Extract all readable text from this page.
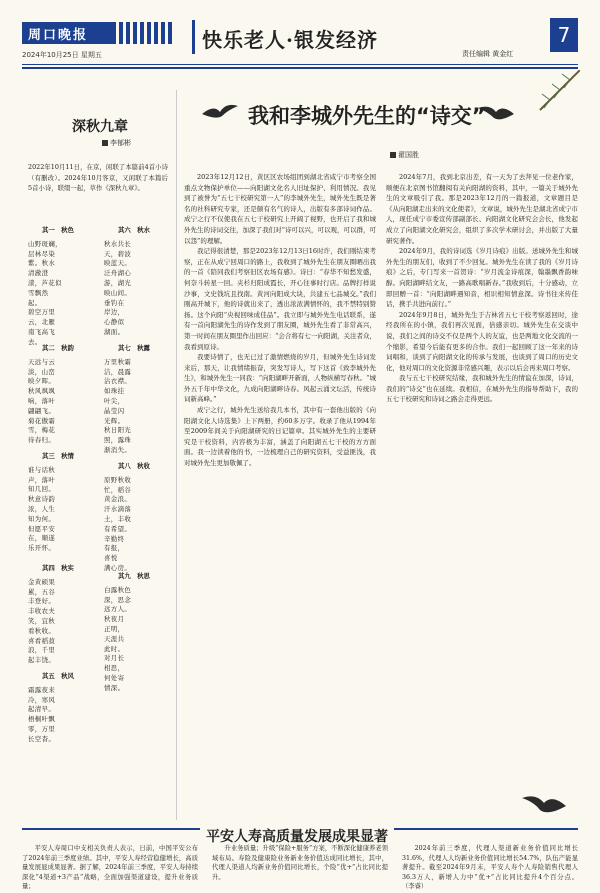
周口晚报
2024年10月25日 星期五
快乐老人·银发经济
责任编辑 黄金红
7
深秋九章
李郁彬
2022年10月11日，在京，闲联了本篇前4首小诗（有删改）。2024年10月客京，又闲联了本篇后5首小诗，联缀一起，草作《深秋九章》。
其一　秋色
山野斑斓，
层林尽染
紫。秋水
清澈澄
漾，芦花似
雪飘然
起。
碧空万里
云，北雁
南飞高飞
去。
其二　秋韵
天远与云
淡，山峦
映夕晖。
秋风飒飒
响，落叶
翩翩飞。
菊花傲霜
雪，梅花
待春归。
其三　秋情
谁与话秋
声，落叶
知几回。
秋意诗韵
浓，人生
知为何。
但愿平安
在，顺遂
乐开怀。
其四　秋实
金黄硕果
累，五谷
丰登好。
丰收农夫
笑，宜秋
看秋收。
喜看稻菽
浪，千里
起丰饶。
其五　秋风
霜露夜来
冷，寒风
起清早。
梧桐叶飘
零，万里
长空杳。
其六　秋水
秋水共长
天，碧波
映蓝天。
泛舟湖心
游，湖光
映山间。
垂钓在
岸边，
心静似
湖面。
其七　秋露
万里秋霜
洁，晨露
沾衣襟。
如珠挂
叶尖，
晶莹闪
光辉。
秋日阳光
照，露珠
渐消失。
其八　秋收
原野秋收
忙，稻谷
黄金浪。
汗水滴落
土，丰收
有希望。
辛勤终
有报，
喜悦
满心房。
其九　秋思
白露秋色
深，思念
远方人。
秋夜月
正明，
天涯共
此时。
对月长
相思，
何处寄
情深。
我和李城外先生的“诗交”
翟国胜

2023年12月12日，黄区区农场组团到湖北省咸宁市考察全国重点文物保护单位——向阳湖文化名人旧址保护、利用情况。我见到了被誉为“五七干校研究第一人”的李城外先生，城外先生既是著名的社科研究专家，还是颇有名气的诗人，出版有多部诗词作品。成宁之行不仅使我在五七干校研究上开阔了视野，也开启了我和城外先生的诗词交往，加深了我们对“诗可以兴，可以观，可以群，可以怨”的理解。

我记得很清楚，那是2023年12月13日16时许，我们刚结束考察，正在从成宁回周口的路上，我收到了城外先生在朋友圈晒出我的一首《陪同我们考察旧区农场有感》。诗曰：“春华不知愁发盛，何奈斗转星一回。夹杉归阳成霞长，开心往事时行店。品牌打样说沙事，文史钱坑且找南。黄河向阳成大块，共建五七品城交。”我们刚高开城下，他的诗就出来了，透出浓浓满情怀的，我不禁特别赞扬。这个向阳“央视回味成佳品”。我立即与城外先生电话联系，遂有一首向阳湖先生的诗作发到了朋友圈，城外先生看了非常高兴，第一时间在朋友圈里作出回应：“会合将有七一向阳湖，关注者众，我看到原诗。

我要诗情了，也无已过了激情燃烧的岁月，但城外先生诗词发来后，那天，让我情绪振奋，突发写诗人，写下这首《致李城外先生》，和城外先生一同我：“向阳湖畔开新面，人物纵横写春秋。“城外五千年中华文化，九成向阳湖畔诗春。风起云涌文坛活，传统诗词新高峰。”

成宁之行，城外先生送给我几本书，其中有一套他出版的《向阳湖文化人诗选集》上下两册，约60多万字。收录了他从1994年至2009年间关于向阳湖研究的日记篇章。其实城外先生的主要研究是干校资料，内容极为丰富，涵盖了向阳湖五七干校的方方面面。我一边读着他的书，一边梳理自己的研究资料，受益匪浅，我对城外先生更加敬佩了。

2024年7月，我到北京出差，有一天为了去拜见一位老作家，顺便在北京图书馆翻阅有关向阳湖的资料，其中，一篇关于城外先生的文章吸引了我。那是2023年12月的一篇报道，文章题目是《从向阳湖走出来的文化使者》，文章说，城外先生是湖北省成宁市人，现任成宁市委宣传部副部长、向阳湖文化研究会会长，他发起成立了向阳湖文化研究会，组织了多次学术研讨会，并出版了大量研究著作。

2024年9月，我的诗词选《岁月诗痕》出版。送城外先生和城外先生的朋友们，收到了不少回复。城外先生在读了我的《岁月诗痕》之后，专门写来一首贺诗：“岁月流金诗痕深，翰墨飘香韵味醇。向阳湖畔结文友，一路高歌唱新春。”我收到后，十分感动，立即回赠一首：“向阳湖畔遇知音，相识相知情意深。诗书往来传佳话，携手共进向前行。”

2024年9月8日，城外先生于吉林省五七干校考察返回时，途经我所在的小镇，我们再次见面，倍感亲切。城外先生在交谈中说，我们之间的诗交不仅是两个人的友谊，也是两地文化交流的一个缩影，希望今后能有更多的合作。我们一起回顾了这一年来的诗词唱和，谈到了向阳湖文化的传承与发展，也谈到了周口的历史文化，他对周口的文化资源非常感兴趣，表示以后会再来周口考察。

我与五七干校研究结缘，我和城外先生的情谊在加深，诗词，我们的“诗交”也在延续。我相信，在城外先生的指导帮助下，我的五七干校研究和诗词之路会走得更远。

平安人寿高质量发展成果显著
平安人寿周口中支相关负责人表示，日前，中国平安公布了2024年前三季度业绩。其中，平安人寿经营稳健增长，高质量发展显成果显著。据了解，2024年前三季度，平安人寿持续深化“4渠道+3产品”战略，全面加强渠道建设，提升业务质量；
升业务质量；升级“保险+服务”方案，不断深化健康养老领域布局。寿险及健康险业务新业务价值达成同比增长，其中，代理人渠道人均新业务价值同比增长，个险“优+”占比同比提升。
2024年前三季度，代理人渠道新业务价值同比增长31.6%，代理人人均新业务价值同比增长54.7%，队伍产能显著提升。截至2024年9月末，平安人寿个人寿险销售代理人36.3万人，新增人力中“优+”占比同比提升4个百分点。（李睿）
